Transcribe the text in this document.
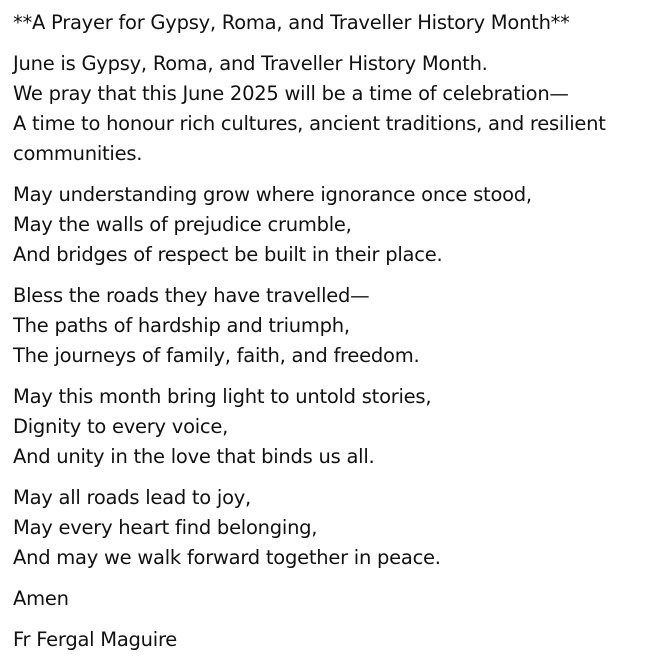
**A Prayer for Gypsy, Roma, and Traveller History Month**
June is Gypsy, Roma, and Traveller History Month.
We pray that this June 2025 will be a time of celebration—
A time to honour rich cultures, ancient traditions, and resilient communities.
May understanding grow where ignorance once stood,
May the walls of prejudice crumble,
And bridges of respect be built in their place.
Bless the roads they have travelled—
The paths of hardship and triumph,
The journeys of family, faith, and freedom.
May this month bring light to untold stories,
Dignity to every voice,
And unity in the love that binds us all.
May all roads lead to joy,
May every heart find belonging,
And may we walk forward together in peace.
Amen
Fr Fergal Maguire
